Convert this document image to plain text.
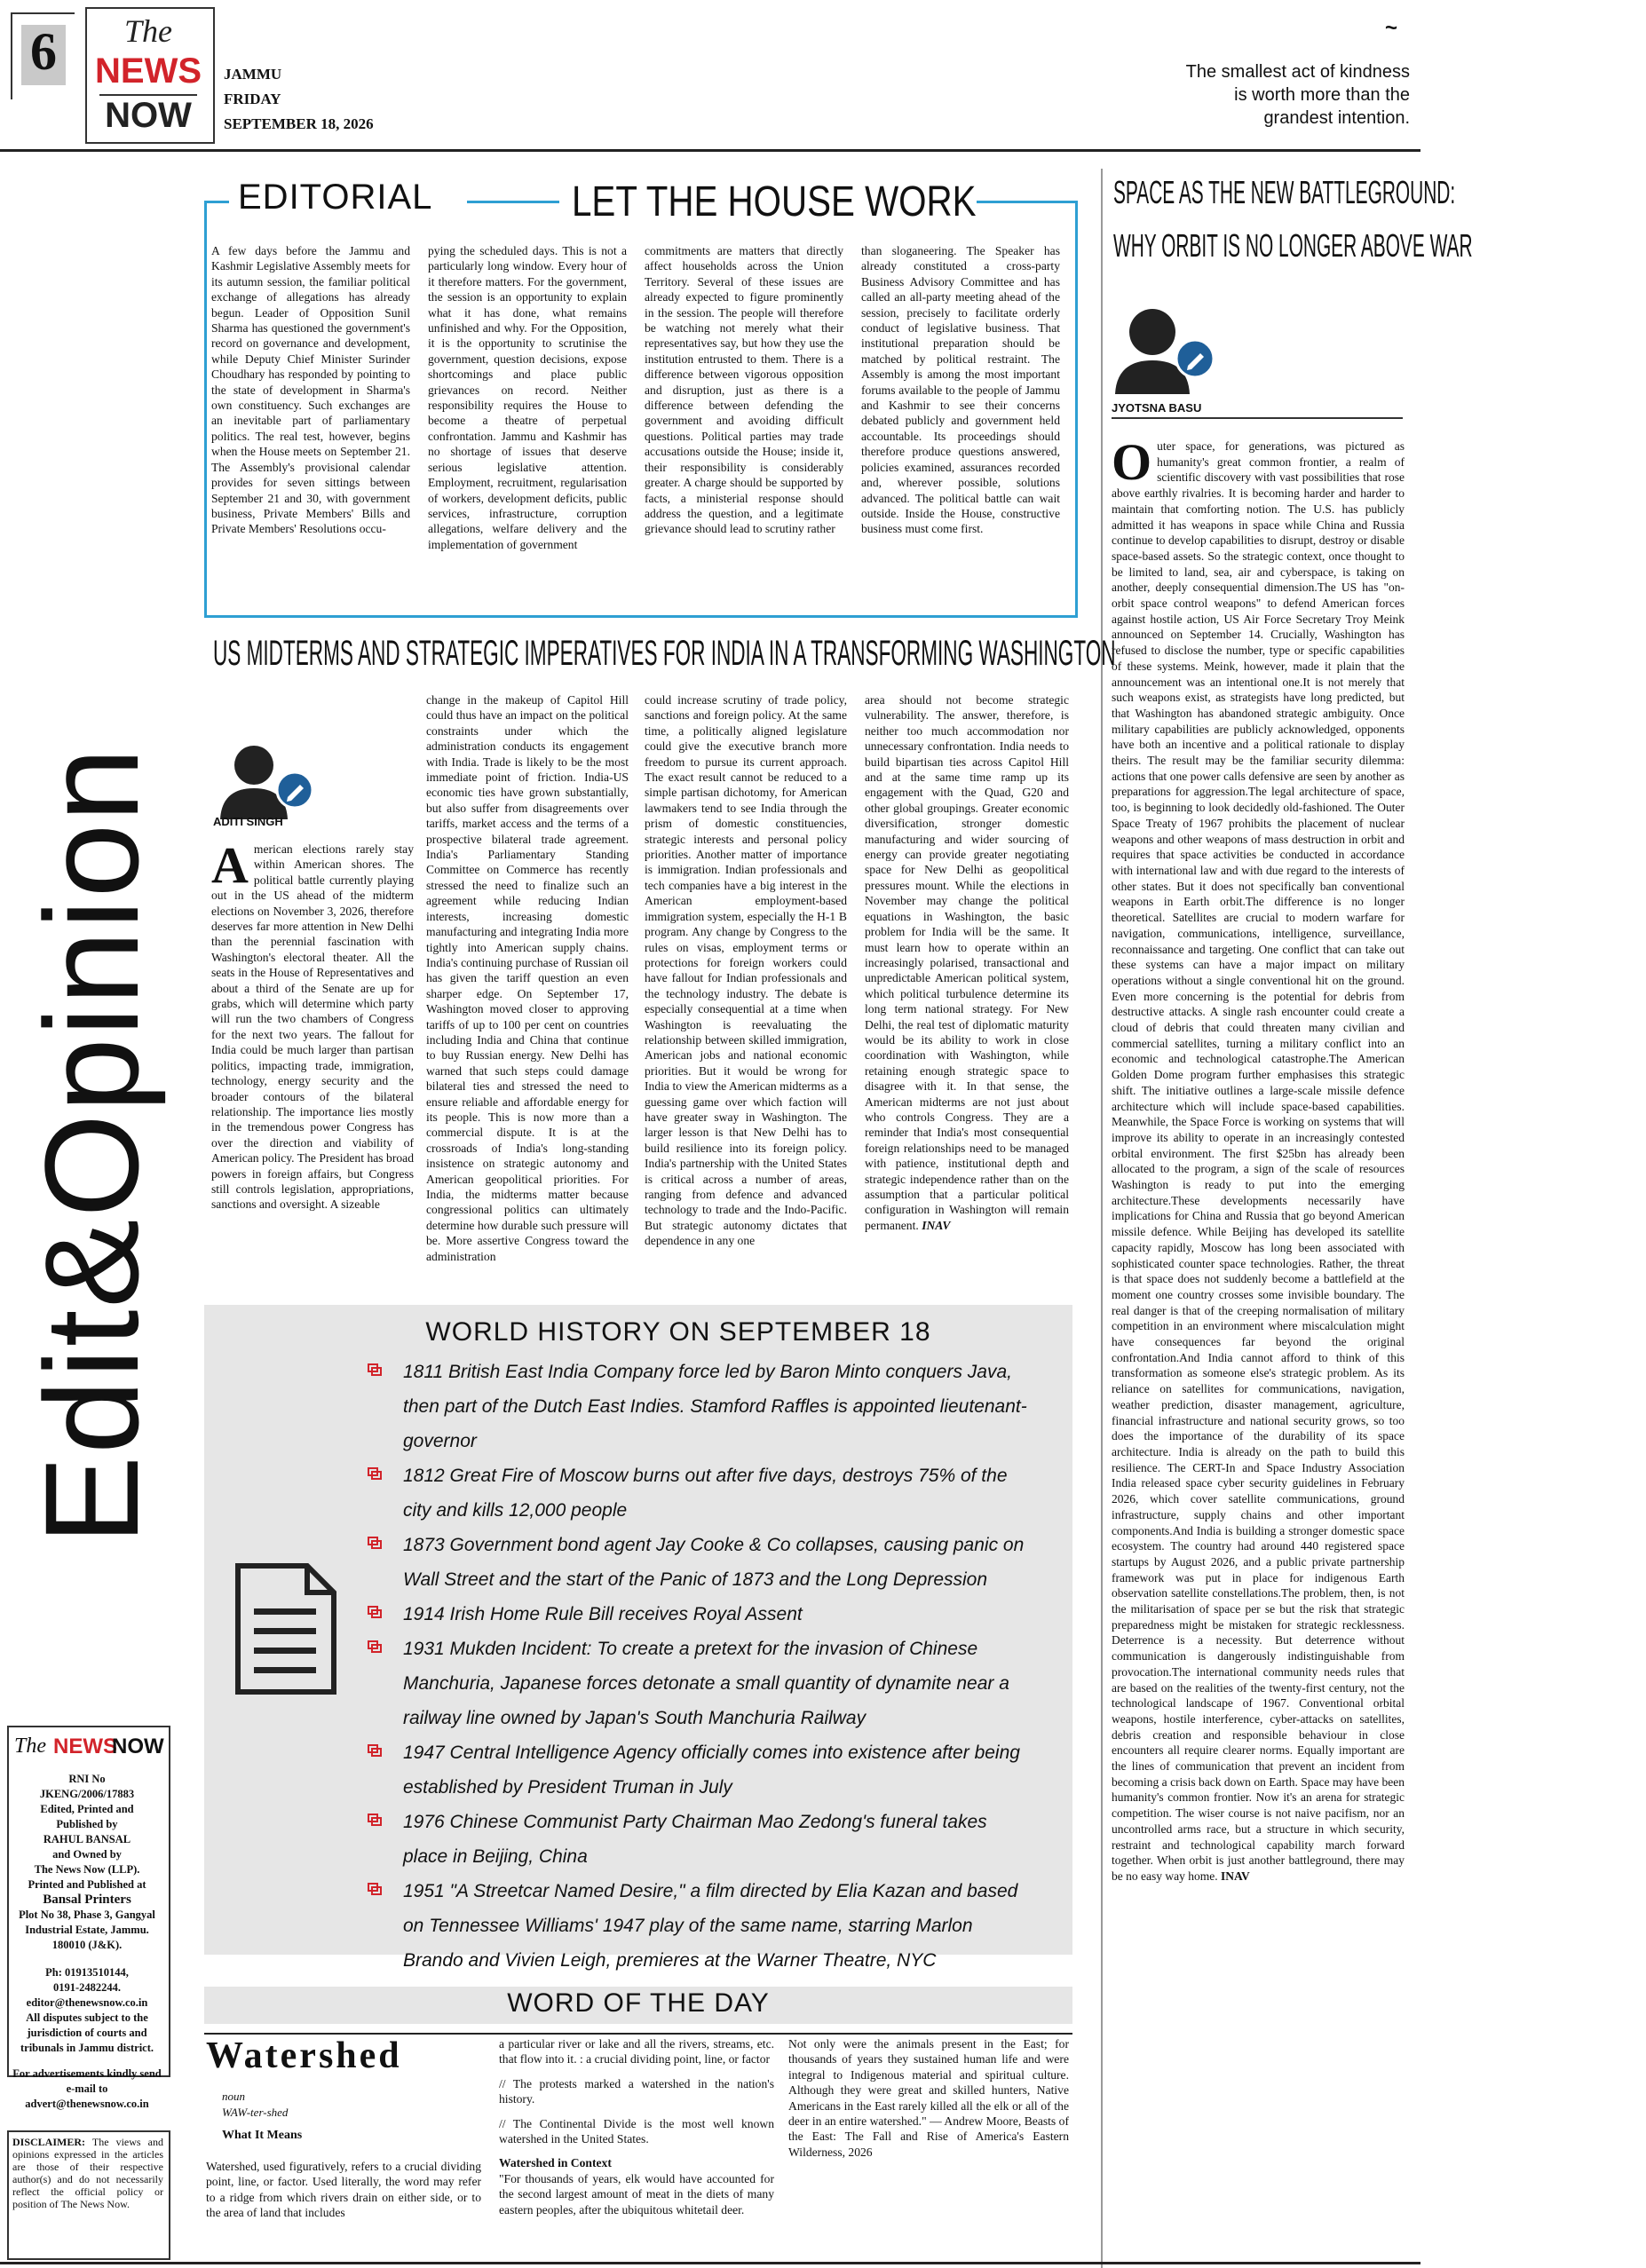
6	The
NEWS
NOW
JAMMU
FRIDAY
SEPTEMBER 18, 2026
~
The smallest act of kindness
is worth more than the
grandest intention.
Edit&Opinion
EDITORIAL	LET THE HOUSE WORK
A few days before the Jammu and Kashmir Legislative Assembly meets for its autumn session, the familiar political exchange of allegations has already begun. Leader of Opposition Sunil Sharma has questioned the government's record on governance and development, while Deputy Chief Minister Surinder Choudhary has responded by pointing to the state of development in Sharma's own constituency. Such exchanges are an inevitable part of parliamentary politics. The real test, however, begins when the House meets on September 21. The Assembly's provisional calendar provides for seven sittings between September 21 and 30, with government business, Private Members' Bills and Private Members' Resolutions occu-
pying the scheduled days. This is not a particularly long window. Every hour of it therefore matters. For the government, the session is an opportunity to explain what it has done, what remains unfinished and why. For the Opposition, it is the opportunity to scrutinise the government, question decisions, expose shortcomings and place public grievances on record. Neither responsibility requires the House to become a theatre of perpetual confrontation. Jammu and Kashmir has no shortage of issues that deserve serious legislative attention. Employment, recruitment, regularisation of workers, development deficits, public services, infrastructure, corruption allegations, welfare delivery and the implementation of government
commitments are matters that directly affect households across the Union Territory. Several of these issues are already expected to figure prominently in the session. The people will therefore be watching not merely what their representatives say, but how they use the institution entrusted to them. There is a difference between vigorous opposition and disruption, just as there is a difference between defending the government and avoiding difficult questions. Political parties may trade accusations outside the House; inside it, their responsibility is considerably greater. A charge should be supported by facts, a ministerial response should address the question, and a legitimate grievance should lead to scrutiny rather
than sloganeering. The Speaker has already constituted a cross-party Business Advisory Committee and has called an all-party meeting ahead of the session, precisely to facilitate orderly conduct of legislative business. That institutional preparation should be matched by political restraint. The Assembly is among the most important forums available to the people of Jammu and Kashmir to see their concerns debated publicly and government held accountable. Its proceedings should therefore produce questions answered, policies examined, assurances recorded and, wherever possible, solutions advanced. The political battle can wait outside. Inside the House, constructive business must come first.
US MIDTERMS AND STRATEGIC IMPERATIVES FOR INDIA IN A TRANSFORMING WASHINGTON
ADITI SINGH
American elections rarely stay within American shores. The political battle currently playing out in the US ahead of the midterm elections on November 3, 2026, therefore deserves far more attention in New Delhi than the perennial fascination with Washington's electoral theater. All the seats in the House of Representatives and about a third of the Senate are up for grabs, which will determine which party will run the two chambers of Congress for the next two years. The fallout for India could be much larger than partisan politics, impacting trade, immigration, technology, energy security and the broader contours of the bilateral relationship. The importance lies mostly in the tremendous power Congress has over the direction and viability of American policy. The President has broad powers in foreign affairs, but Congress still controls legislation, appropriations, sanctions and oversight. A sizeable
change in the makeup of Capitol Hill could thus have an impact on the political constraints under which the administration conducts its engagement with India. Trade is likely to be the most immediate point of friction. India-US economic ties have grown substantially, but also suffer from disagreements over tariffs, market access and the terms of a prospective bilateral trade agreement. India's Parliamentary Standing Committee on Commerce has recently stressed the need to finalize such an agreement while reducing Indian interests, increasing domestic manufacturing and integrating India more tightly into American supply chains. India's continuing purchase of Russian oil has given the tariff question an even sharper edge. On September 17, Washington moved closer to approving tariffs of up to 100 per cent on countries including India and China that continue to buy Russian energy. New Delhi has warned that such steps could damage bilateral ties and stressed the need to ensure reliable and affordable energy for its people. This is now more than a commercial dispute. It is at the crossroads of India's long-standing insistence on strategic autonomy and American geopolitical priorities. For India, the midterms matter because congressional politics can ultimately determine how durable such pressure will be. More assertive Congress toward the administration
could increase scrutiny of trade policy, sanctions and foreign policy. At the same time, a politically aligned legislature could give the executive branch more freedom to pursue its current approach. The exact result cannot be reduced to a simple partisan dichotomy, for American lawmakers tend to see India through the prism of domestic constituencies, strategic interests and personal policy priorities. Another matter of importance is immigration. Indian professionals and tech companies have a big interest in the American employment-based immigration system, especially the H-1 B program. Any change by Congress to the rules on visas, employment terms or protections for foreign workers could have fallout for Indian professionals and the technology industry. The debate is especially consequential at a time when Washington is reevaluating the relationship between skilled immigration, American jobs and national economic priorities. But it would be wrong for India to view the American midterms as a guessing game over which faction will have greater sway in Washington. The larger lesson is that New Delhi has to build resilience into its foreign policy. India's partnership with the United States is critical across a number of areas, ranging from defence and advanced technology to trade and the Indo-Pacific. But strategic autonomy dictates that dependence in any one
area should not become strategic vulnerability. The answer, therefore, is neither too much accommodation nor unnecessary confrontation. India needs to build bipartisan ties across Capitol Hill and at the same time ramp up its engagement with the Quad, G20 and other global groupings. Greater economic diversification, stronger domestic manufacturing and wider sourcing of energy can provide greater negotiating space for New Delhi as geopolitical pressures mount. While the elections in November may change the political equations in Washington, the basic problem for India will be the same. It must learn how to operate within an increasingly polarised, transactional and unpredictable American political system, which political turbulence determine its long term national strategy. For New Delhi, the real test of diplomatic maturity would be its ability to work in close coordination with Washington, while retaining enough strategic space to disagree with it. In that sense, the American midterms are not just about who controls Congress. They are a reminder that India's most consequential foreign relationships need to be managed with patience, institutional depth and strategic independence rather than on the assumption that a particular political configuration in Washington will remain permanent. INAV
SPACE AS THE NEW BATTLEGROUND:
WHY ORBIT IS NO LONGER ABOVE WAR
JYOTSNA BASU
Outer space, for generations, was pictured as humanity's great common frontier, a realm of scientific discovery with vast possibilities that rose above earthly rivalries. It is becoming harder and harder to maintain that comforting notion. The U.S. has publicly admitted it has weapons in space while China and Russia continue to develop capabilities to disrupt, destroy or disable space-based assets. So the strategic context, once thought to be limited to land, sea, air and cyberspace, is taking on another, deeply consequential dimension.The US has "on-orbit space control weapons" to defend American forces against hostile action, US Air Force Secretary Troy Meink announced on September 14. Crucially, Washington has refused to disclose the number, type or specific capabilities of these systems. Meink, however, made it plain that the announcement was an intentional one.It is not merely that such weapons exist, as strategists have long predicted, but that Washington has abandoned strategic ambiguity. Once military capabilities are publicly acknowledged, opponents have both an incentive and a political rationale to display theirs. The result may be the familiar security dilemma: actions that one power calls defensive are seen by another as preparations for aggression.The legal architecture of space, too, is beginning to look decidedly old-fashioned. The Outer Space Treaty of 1967 prohibits the placement of nuclear weapons and other weapons of mass destruction in orbit and requires that space activities be conducted in accordance with international law and with due regard to the interests of other states. But it does not specifically ban conventional weapons in Earth orbit.The difference is no longer theoretical. Satellites are crucial to modern warfare for navigation, communications, intelligence, surveillance, reconnaissance and targeting. One conflict that can take out these systems can have a major impact on military operations without a single conventional hit on the ground. Even more concerning is the potential for debris from destructive attacks. A single rash encounter could create a cloud of debris that could threaten many civilian and commercial satellites, turning a military conflict into an economic and technological catastrophe.The American Golden Dome program further emphasises this strategic shift. The initiative outlines a large-scale missile defence architecture which will include space-based capabilities. Meanwhile, the Space Force is working on systems that will improve its ability to operate in an increasingly contested orbital environment. The first $25bn has already been allocated to the program, a sign of the scale of resources Washington is ready to put into the emerging architecture.These developments necessarily have implications for China and Russia that go beyond American missile defence. While Beijing has developed its satellite capacity rapidly, Moscow has long been associated with sophisticated counter space technologies. Rather, the threat is that space does not suddenly become a battlefield at the moment one country crosses some invisible boundary. The real danger is that of the creeping normalisation of military competition in an environment where miscalculation might have consequences far beyond the original confrontation.And India cannot afford to think of this transformation as someone else's strategic problem. As its reliance on satellites for communications, navigation, weather prediction, disaster management, agriculture, financial infrastructure and national security grows, so too does the importance of the durability of its space architecture. India is already on the path to build this resilience. The CERT-In and Space Industry Association India released space cyber security guidelines in February 2026, which cover satellite communications, ground infrastructure, supply chains and other important components.And India is building a stronger domestic space ecosystem. The country had around 440 registered space startups by August 2026, and a public private partnership framework was put in place for indigenous Earth observation satellite constellations.The problem, then, is not the militarisation of space per se but the risk that strategic preparedness might be mistaken for strategic recklessness. Deterrence is a necessity. But deterrence without communication is dangerously indistinguishable from provocation.The international community needs rules that are based on the realities of the twenty-first century, not the technological landscape of 1967. Conventional orbital weapons, hostile interference, cyber-attacks on satellites, debris creation and responsible behaviour in close encounters all require clearer norms. Equally important are the lines of communication that prevent an incident from becoming a crisis back down on Earth. Space may have been humanity's common frontier. Now it's an arena for strategic competition. The wiser course is not naive pacifism, nor an uncontrolled arms race, but a structure in which security, restraint and technological capability march forward together. When orbit is just another battleground, there may be no easy way home. INAV
WORLD HISTORY ON SEPTEMBER 18
1811 British East India Company force led by Baron Minto conquers Java, then part of the Dutch East Indies. Stamford Raffles is appointed lieutenant-governor
1812 Great Fire of Moscow burns out after five days, destroys 75% of the city and kills 12,000 people
1873 Government bond agent Jay Cooke & Co collapses, causing panic on Wall Street and the start of the Panic of 1873 and the Long Depression
1914 Irish Home Rule Bill receives Royal Assent
1931 Mukden Incident: To create a pretext for the invasion of Chinese Manchuria, Japanese forces detonate a small quantity of dynamite near a railway line owned by Japan's South Manchuria Railway
1947 Central Intelligence Agency officially comes into existence after being established by President Truman in July
1976 Chinese Communist Party Chairman Mao Zedong's funeral takes place in Beijing, China
1951 "A Streetcar Named Desire," a film directed by Elia Kazan and based on Tennessee Williams' 1947 play of the same name, starring Marlon Brando and Vivien Leigh, premieres at the Warner Theatre, NYC
WORD OF THE DAY
Watershed
noun
WAW-ter-shed
What It Means
Watershed, used figuratively, refers to a crucial dividing point, line, or factor. Used literally, the word may refer to a ridge from which rivers drain on either side, or to the area of land that includes

a particular river or lake and all the rivers, streams, etc. that flow into it. : a crucial dividing point, line, or factor

// The protests marked a watershed in the nation's history.

// The Continental Divide is the most well known watershed in the United States.

Watershed in Context

"For thousands of years, elk would have accounted for the second largest amount of meat in the diets of many eastern peoples, after the ubiquitous whitetail deer.

Not only were the animals present in the East; for thousands of years they sustained human life and were integral to Indigenous material and spiritual culture. Although they were great and skilled hunters, Native Americans in the East rarely killed all the elk or all of the deer in an entire watershed." — Andrew Moore, Beasts of the East: The Fall and Rise of America's Eastern Wilderness, 2026
The NEWS
NOW
RNI No
JKENG/2006/17883
Edited, Printed and
Published by
RAHUL BANSAL
and Owned by
The News Now (LLP).
Printed and Published at
Bansal Printers
Plot No 38, Phase 3, Gangyal
Industrial Estate, Jammu.
180010 (J&K).
Ph: 01913510144,
0191-2482244.
editor@thenewsnow.co.in
All disputes subject to the jurisdiction of courts and tribunals in Jammu district.
For advertisements kindly send e-mail to
advert@thenewsnow.co.in
DISCLAIMER: The views and opinions expressed in the articles are those of their respective author(s) and do not necessarily reflect the official policy or position of The News Now.
